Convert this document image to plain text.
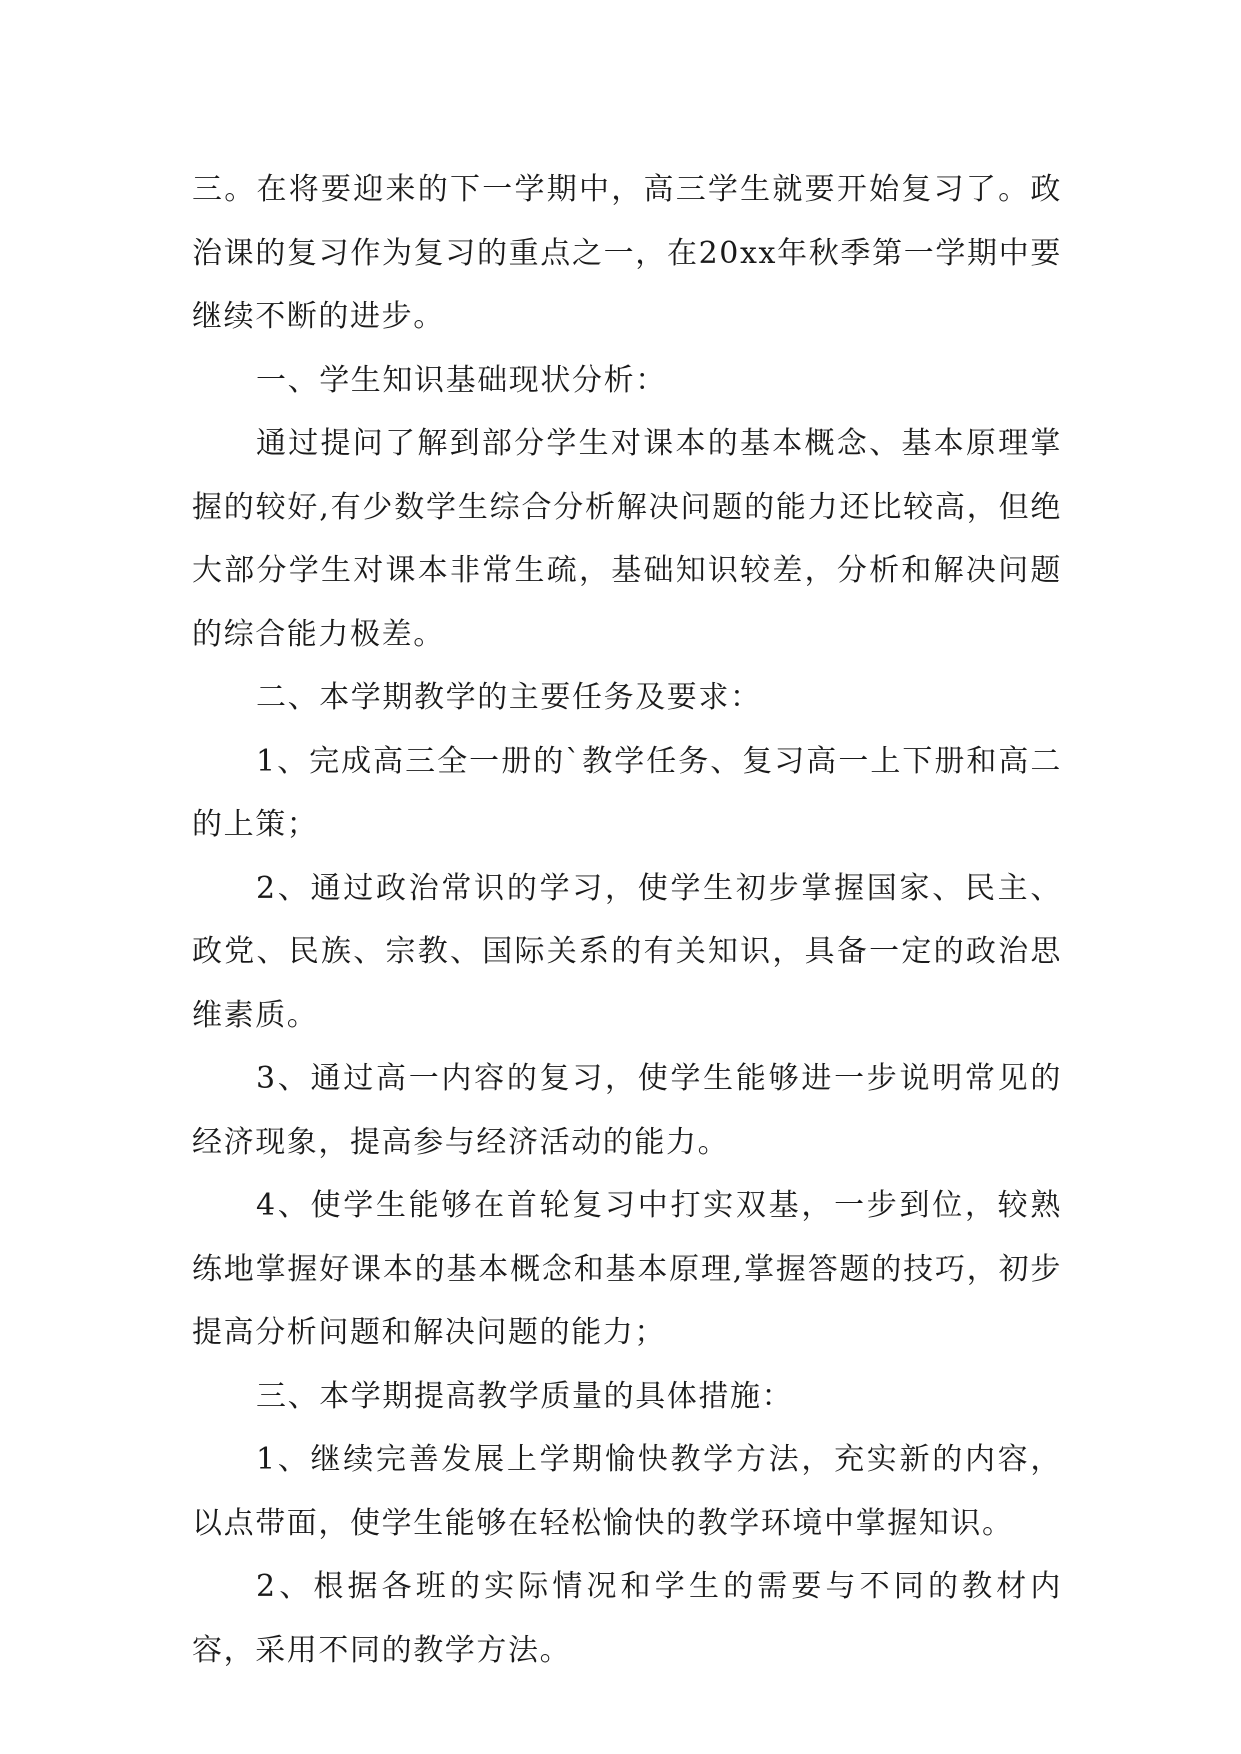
三。在将要迎来的下一学期中，高三学生就要开始复习了。政治课的复习作为复习的重点之一，在20xx年秋季第一学期中要继续不断的进步。

一、学生知识基础现状分析：

通过提问了解到部分学生对课本的基本概念、基本原理掌握的较好,有少数学生综合分析解决问题的能力还比较高，但绝大部分学生对课本非常生疏，基础知识较差，分析和解决问题的综合能力极差。

二、本学期教学的主要任务及要求：

1、完成高三全一册的`教学任务、复习高一上下册和高二的上策；

2、通过政治常识的学习，使学生初步掌握国家、民主、政党、民族、宗教、国际关系的有关知识，具备一定的政治思维素质。

3、通过高一内容的复习，使学生能够进一步说明常见的经济现象，提高参与经济活动的能力。

4、使学生能够在首轮复习中打实双基，一步到位，较熟练地掌握好课本的基本概念和基本原理,掌握答题的技巧，初步提高分析问题和解决问题的能力；

三、本学期提高教学质量的具体措施：

1、继续完善发展上学期愉快教学方法，充实新的内容，以点带面，使学生能够在轻松愉快的教学环境中掌握知识。

2、根据各班的实际情况和学生的需要与不同的教材内容，采用不同的教学方法。
